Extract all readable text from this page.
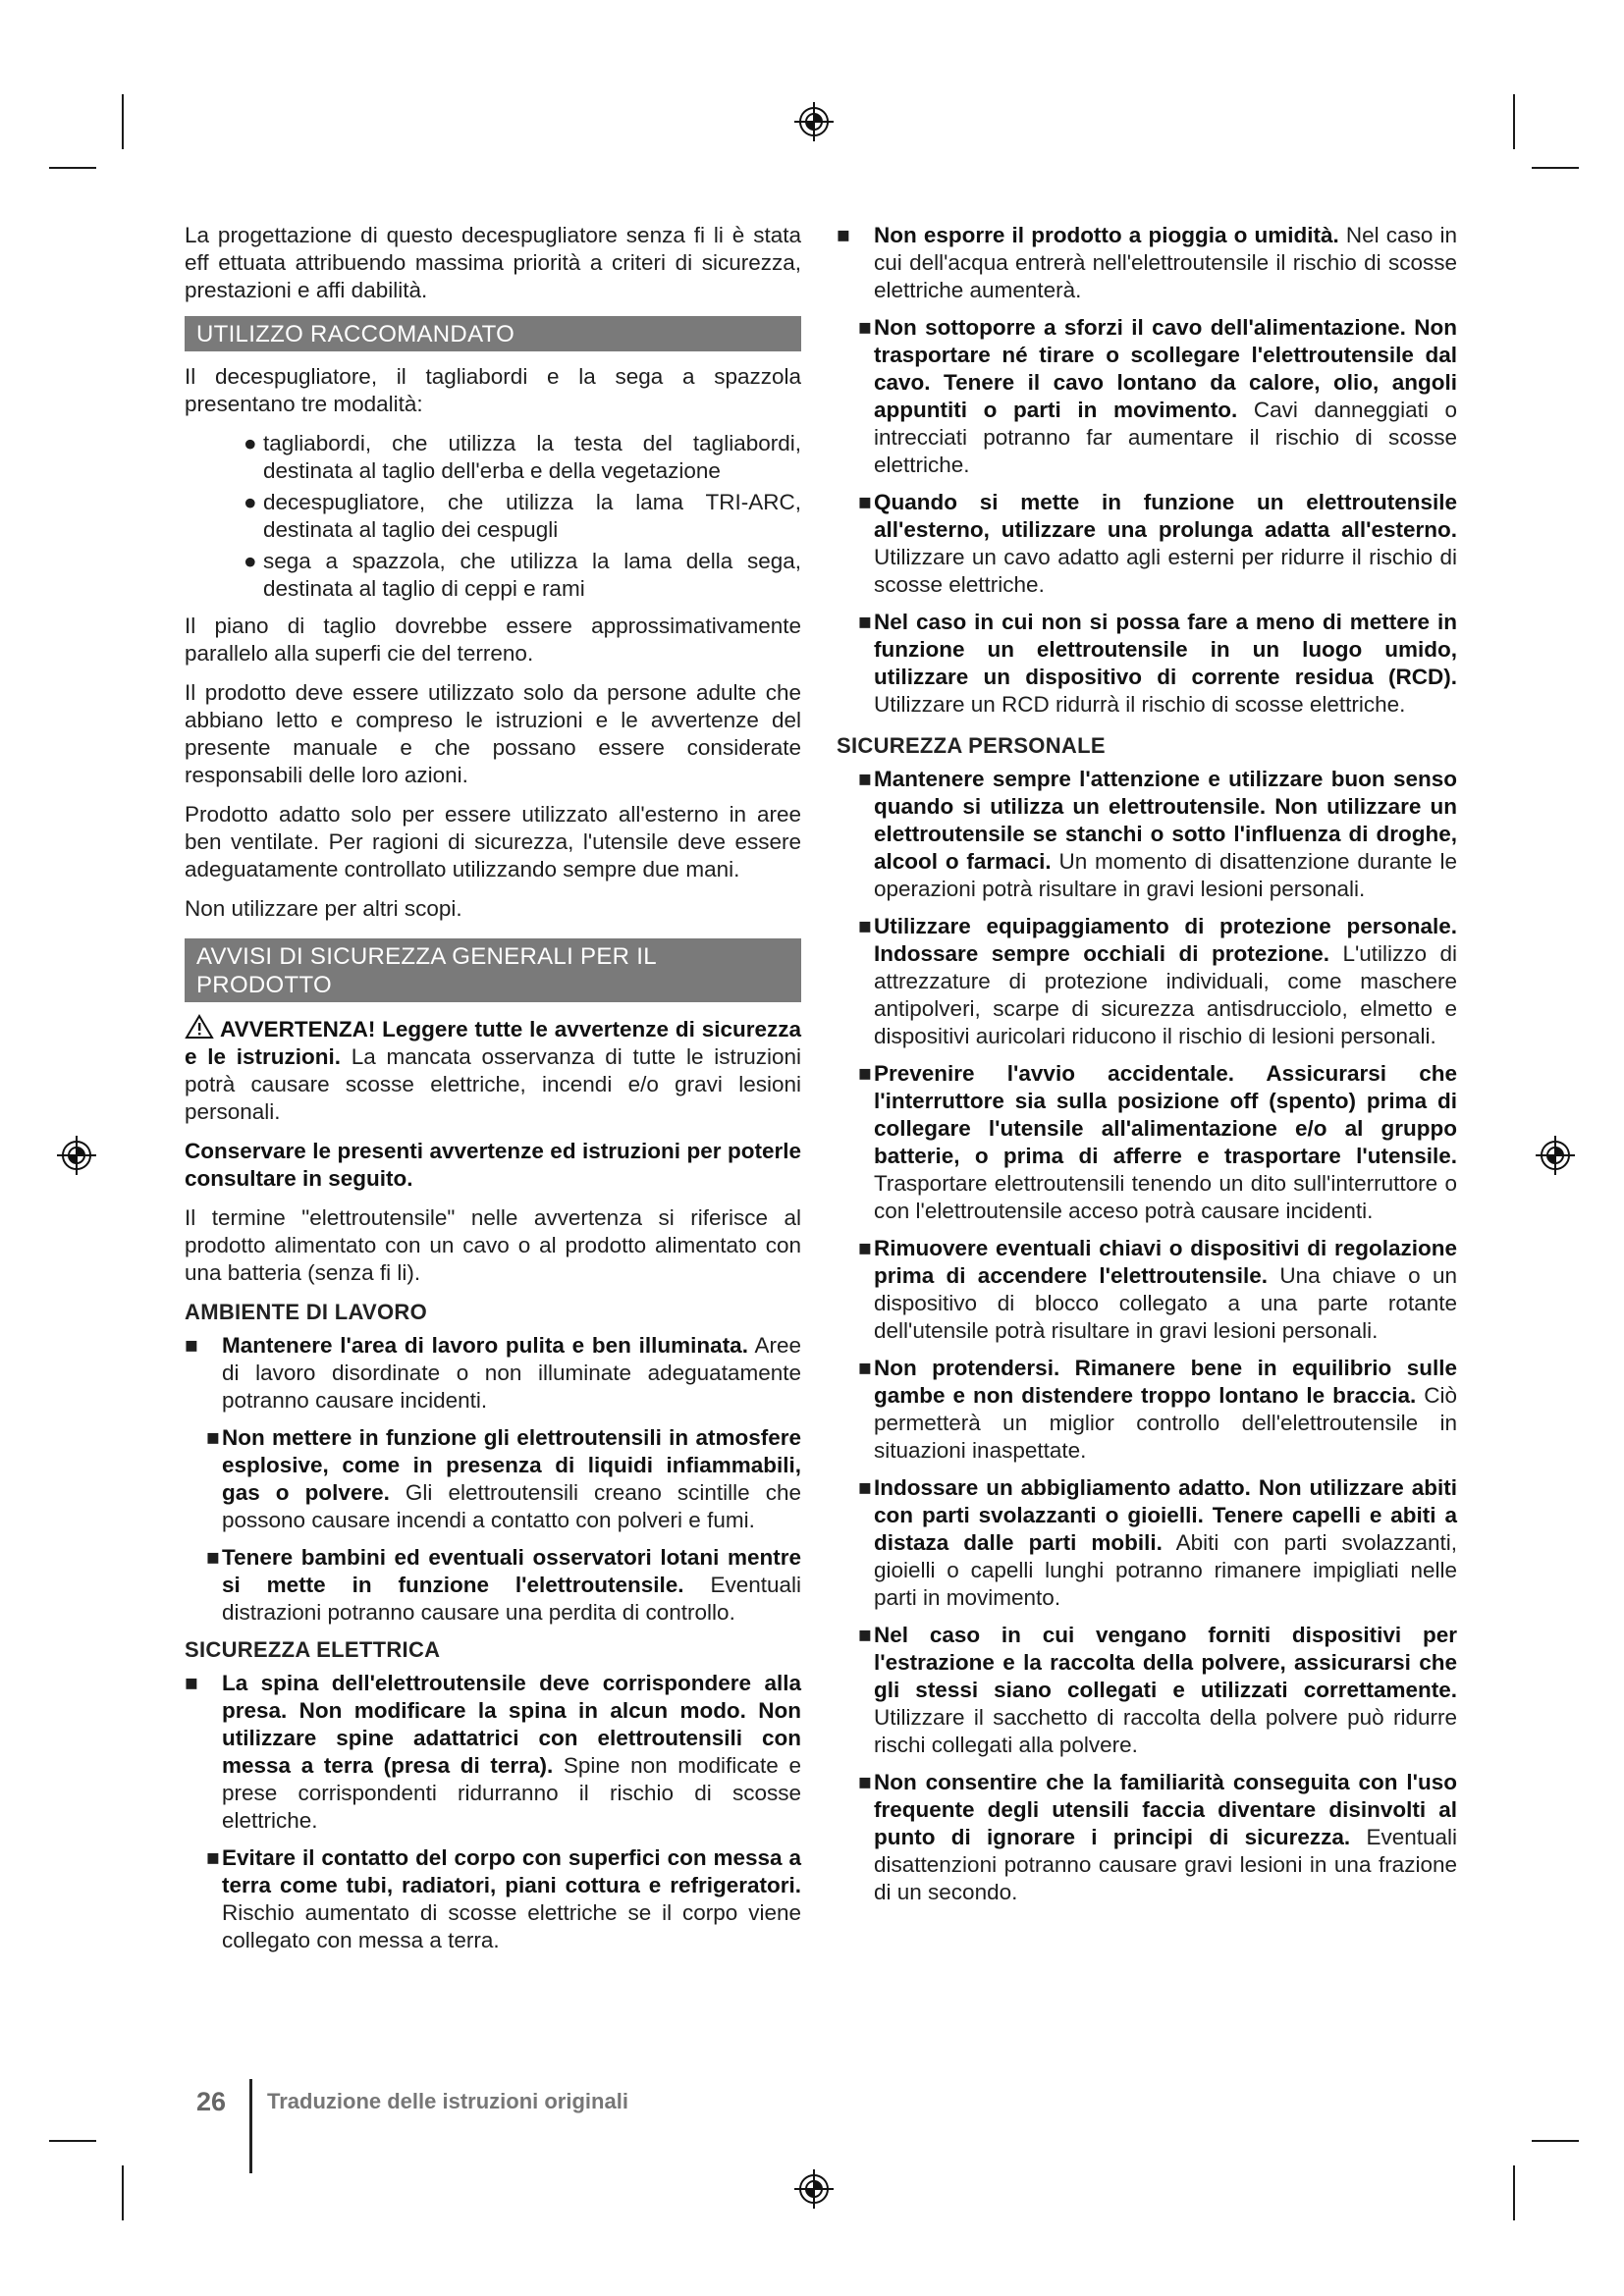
La progettazione di questo decespugliatore senza fi li è stata eff ettuata attribuendo massima priorità a criteri di sicurezza, prestazioni e affi dabilità.

UTILIZZO RACCOMANDATO

Il decespugliatore, il tagliabordi e la sega a spazzola presentano tre modalità:

● tagliabordi, che utilizza la testa del tagliabordi, destinata al taglio dell'erba e della vegetazione
● decespugliatore, che utilizza la lama TRI-ARC, destinata al taglio dei cespugli
● sega a spazzola, che utilizza la lama della sega, destinata al taglio di ceppi e rami

Il piano di taglio dovrebbe essere approssimativamente parallelo alla superfi cie del terreno.

Il prodotto deve essere utilizzato solo da persone adulte che abbiano letto e compreso le istruzioni e le avvertenze del presente manuale e che possano essere considerate responsabili delle loro azioni.

Prodotto adatto solo per essere utilizzato all'esterno in aree ben ventilate. Per ragioni di sicurezza, l'utensile deve essere adeguatamente controllato utilizzando sempre due mani.

Non utilizzare per altri scopi.

AVVISI DI SICUREZZA GENERALI PER IL
PRODOTTO

AVVERTENZA! Leggere tutte le avvertenze di sicurezza e le istruzioni. La mancata osservanza di tutte le istruzioni potrà causare scosse elettriche, incendi e/o gravi lesioni personali.

Conservare le presenti avvertenze ed istruzioni per poterle consultare in seguito.

Il termine "elettroutensile" nelle avvertenza si riferisce al prodotto alimentato con un cavo o al prodotto alimentato con una batteria (senza fi li).

AMBIENTE DI LAVORO
■ Mantenere l'area di lavoro pulita e ben illuminata. Aree di lavoro disordinate o non illuminate adeguatamente potranno causare incidenti.
■ Non mettere in funzione gli elettroutensili in atmosfere esplosive, come in presenza di liquidi infiammabili, gas o polvere. Gli elettroutensili creano scintille che possono causare incendi a contatto con polveri e fumi.
■ Tenere bambini ed eventuali osservatori lotani mentre si mette in funzione l'elettroutensile. Eventuali distrazioni potranno causare una perdita di controllo.
SICUREZZA ELETTRICA
■ La spina dell'elettroutensile deve corrispondere alla presa. Non modificare la spina in alcun modo. Non utilizzare spine adattatrici con elettroutensili con messa a terra (presa di terra). Spine non modificate e prese corrispondenti ridurranno il rischio di scosse elettriche.
■ Evitare il contatto del corpo con superfici con messa a terra come tubi, radiatori, piani cottura e refrigeratori. Rischio aumentato di scosse elettriche se il corpo viene collegato con messa a terra.
■ Non esporre il prodotto a pioggia o umidità. Nel caso in cui dell'acqua entrerà nell'elettroutensile il rischio di scosse elettriche aumenterà.
■ Non sottoporre a sforzi il cavo dell'alimentazione. Non trasportare né tirare o scollegare l'elettroutensile dal cavo. Tenere il cavo lontano da calore, olio, angoli appuntiti o parti in movimento. Cavi danneggiati o intrecciati potranno far aumentare il rischio di scosse elettriche.
■ Quando si mette in funzione un elettroutensile all'esterno, utilizzare una prolunga adatta all'esterno. Utilizzare un cavo adatto agli esterni per ridurre il rischio di scosse elettriche.
■ Nel caso in cui non si possa fare a meno di mettere in funzione un elettroutensile in un luogo umido, utilizzare un dispositivo di corrente residua (RCD). Utilizzare un RCD ridurrà il rischio di scosse elettriche.
SICUREZZA PERSONALE
■ Mantenere sempre l'attenzione e utilizzare buon senso quando si utilizza un elettroutensile. Non utilizzare un elettroutensile se stanchi o sotto l'influenza di droghe, alcool o farmaci. Un momento di disattenzione durante le operazioni potrà risultare in gravi lesioni personali.
■ Utilizzare equipaggiamento di protezione personale. Indossare sempre occhiali di protezione. L'utilizzo di attrezzature di protezione individuali, come maschere antipolveri, scarpe di sicurezza antisdrucciolo, elmetto e dispositivi auricolari riducono il rischio di lesioni personali.
■ Prevenire l'avvio accidentale. Assicurarsi che l'interruttore sia sulla posizione off (spento) prima di collegare l'utensile all'alimentazione e/o al gruppo batterie, o prima di afferre e trasportare l'utensile. Trasportare elettroutensili tenendo un dito sull'interruttore o con l'elettroutensile acceso potrà causare incidenti.
■ Rimuovere eventuali chiavi o dispositivi di regolazione prima di accendere l'elettroutensile. Una chiave o un dispositivo di blocco collegato a una parte rotante dell'utensile potrà risultare in gravi lesioni personali.
■ Non protendersi. Rimanere bene in equilibrio sulle gambe e non distendere troppo lontano le braccia. Ciò permetterà un miglior controllo dell'elettroutensile in situazioni inaspettate.
■ Indossare un abbigliamento adatto. Non utilizzare abiti con parti svolazzanti o gioielli. Tenere capelli e abiti a distaza dalle parti mobili. Abiti con parti svolazzanti, gioielli o capelli lunghi potranno rimanere impigliati nelle parti in movimento.
■ Nel caso in cui vengano forniti dispositivi per l'estrazione e la raccolta della polvere, assicurarsi che gli stessi siano collegati e utilizzati correttamente. Utilizzare il sacchetto di raccolta della polvere può ridurre rischi collegati alla polvere.
■ Non consentire che la familiarità conseguita con l'uso frequente degli utensili faccia diventare disinvolti al punto di ignorare i principi di sicurezza. Eventuali disattenzioni potranno causare gravi lesioni in una frazione di un secondo.
26 Traduzione delle istruzioni originali
